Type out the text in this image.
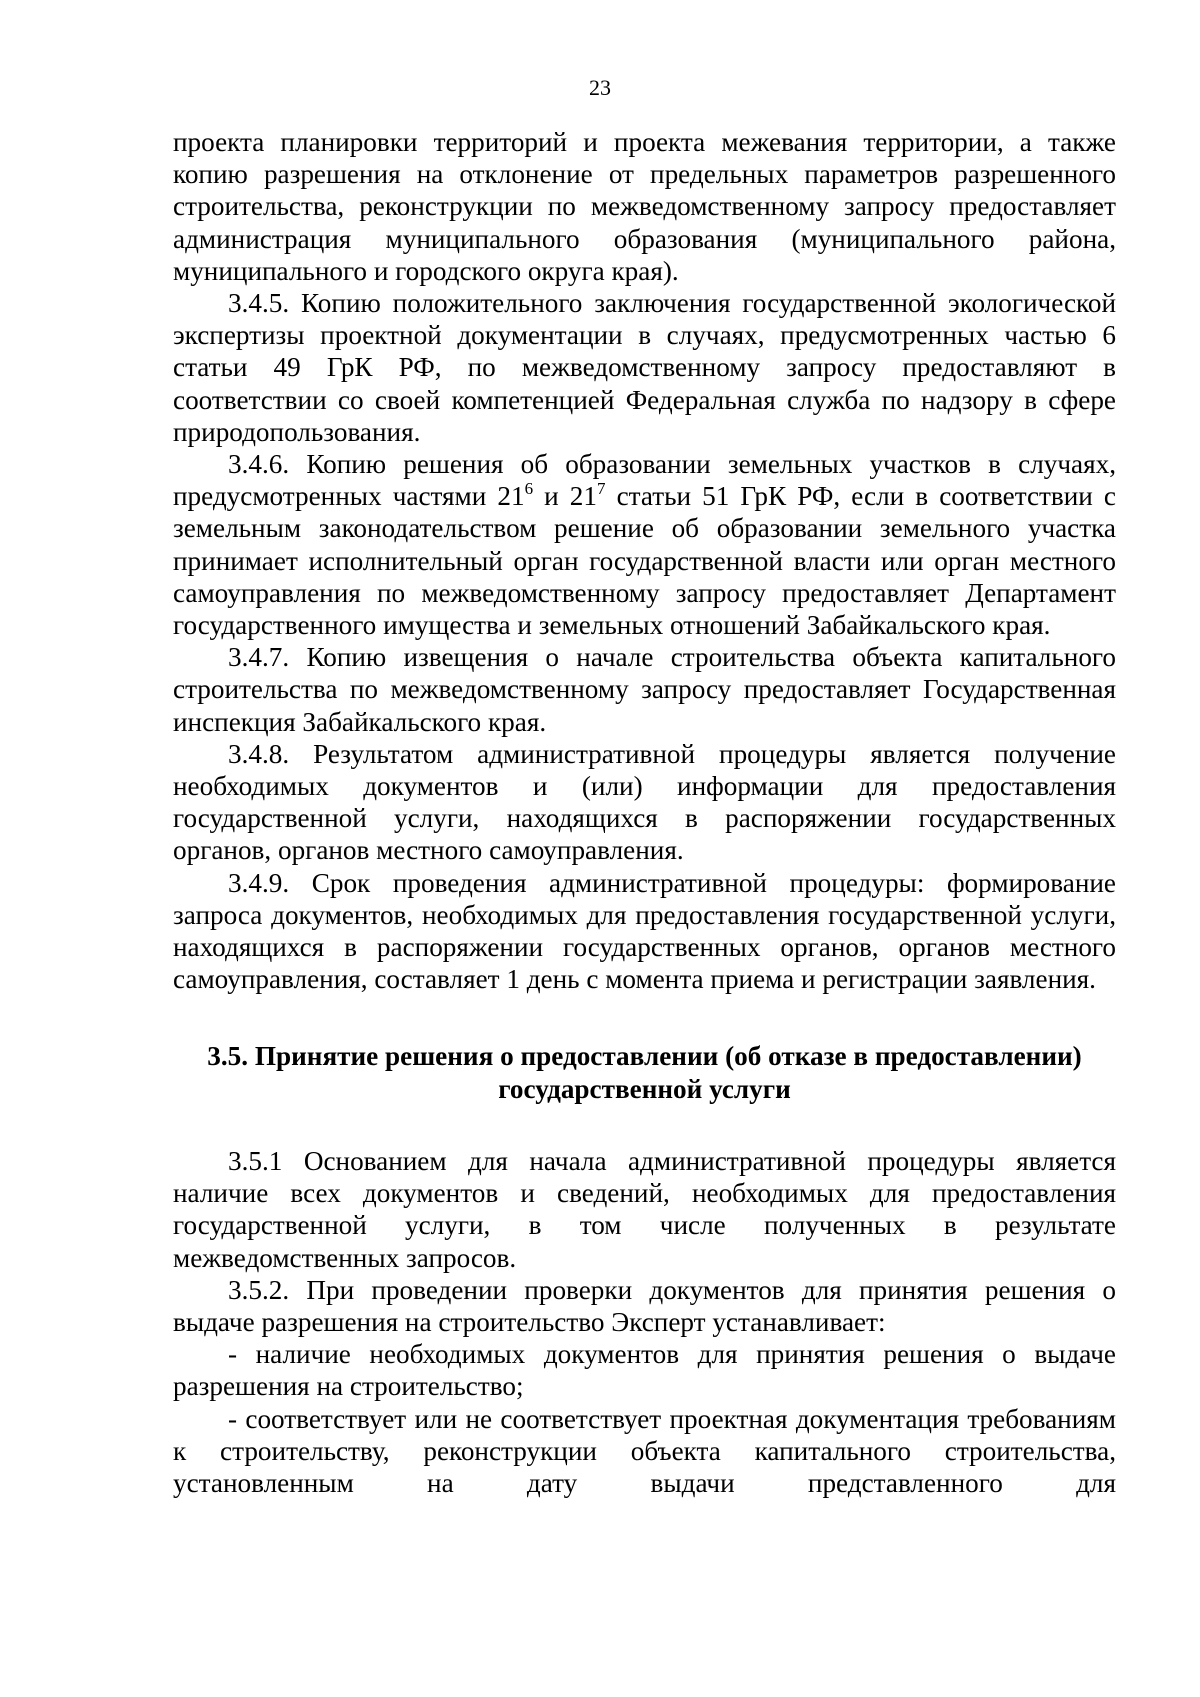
23

проекта планировки территорий и проекта межевания территории, а также копию разрешения на отклонение от предельных параметров разрешенного строительства, реконструкции по межведомственному запросу предоставляет администрация муниципального образования (муниципального района, муниципального и городского округа края).

3.4.5. Копию положительного заключения государственной экологической экспертизы проектной документации в случаях, предусмотренных частью 6 статьи 49 ГрК РФ, по межведомственному запросу предоставляют в соответствии со своей компетенцией Федеральная служба по надзору в сфере природопользования.

3.4.6. Копию решения об образовании земельных участков в случаях, предусмотренных частями $21^6$ и $21^7$ статьи 51 ГрК РФ, если в соответствии с земельным законодательством решение об образовании земельного участка принимает исполнительный орган государственной власти или орган местного самоуправления по межведомственному запросу предоставляет Департамент государственного имущества и земельных отношений Забайкальского края.

3.4.7. Копию извещения о начале строительства объекта капитального строительства по межведомственному запросу предоставляет Государственная инспекция Забайкальского края.

3.4.8. Результатом административной процедуры является получение необходимых документов и (или) информации для предоставления государственной услуги, находящихся в распоряжении государственных органов, органов местного самоуправления.

3.4.9. Срок проведения административной процедуры: формирование запроса документов, необходимых для предоставления государственной услуги, находящихся в распоряжении государственных органов, органов местного самоуправления, составляет 1 день с момента приема и регистрации заявления.

3.5. Принятие решения о предоставлении (об отказе в предоставлении)
государственной услуги

3.5.1 Основанием для начала административной процедуры является наличие всех документов и сведений, необходимых для предоставления государственной услуги, в том числе полученных в результате межведомственных запросов.

3.5.2. При проведении проверки документов для принятия решения о выдаче разрешения на строительство Эксперт устанавливает:

- наличие необходимых документов для принятия решения о выдаче разрешения на строительство;

- соответствует или не соответствует проектная документация требованиям к строительству, реконструкции объекта капитального строительства, установленным на дату выдачи представленного для
